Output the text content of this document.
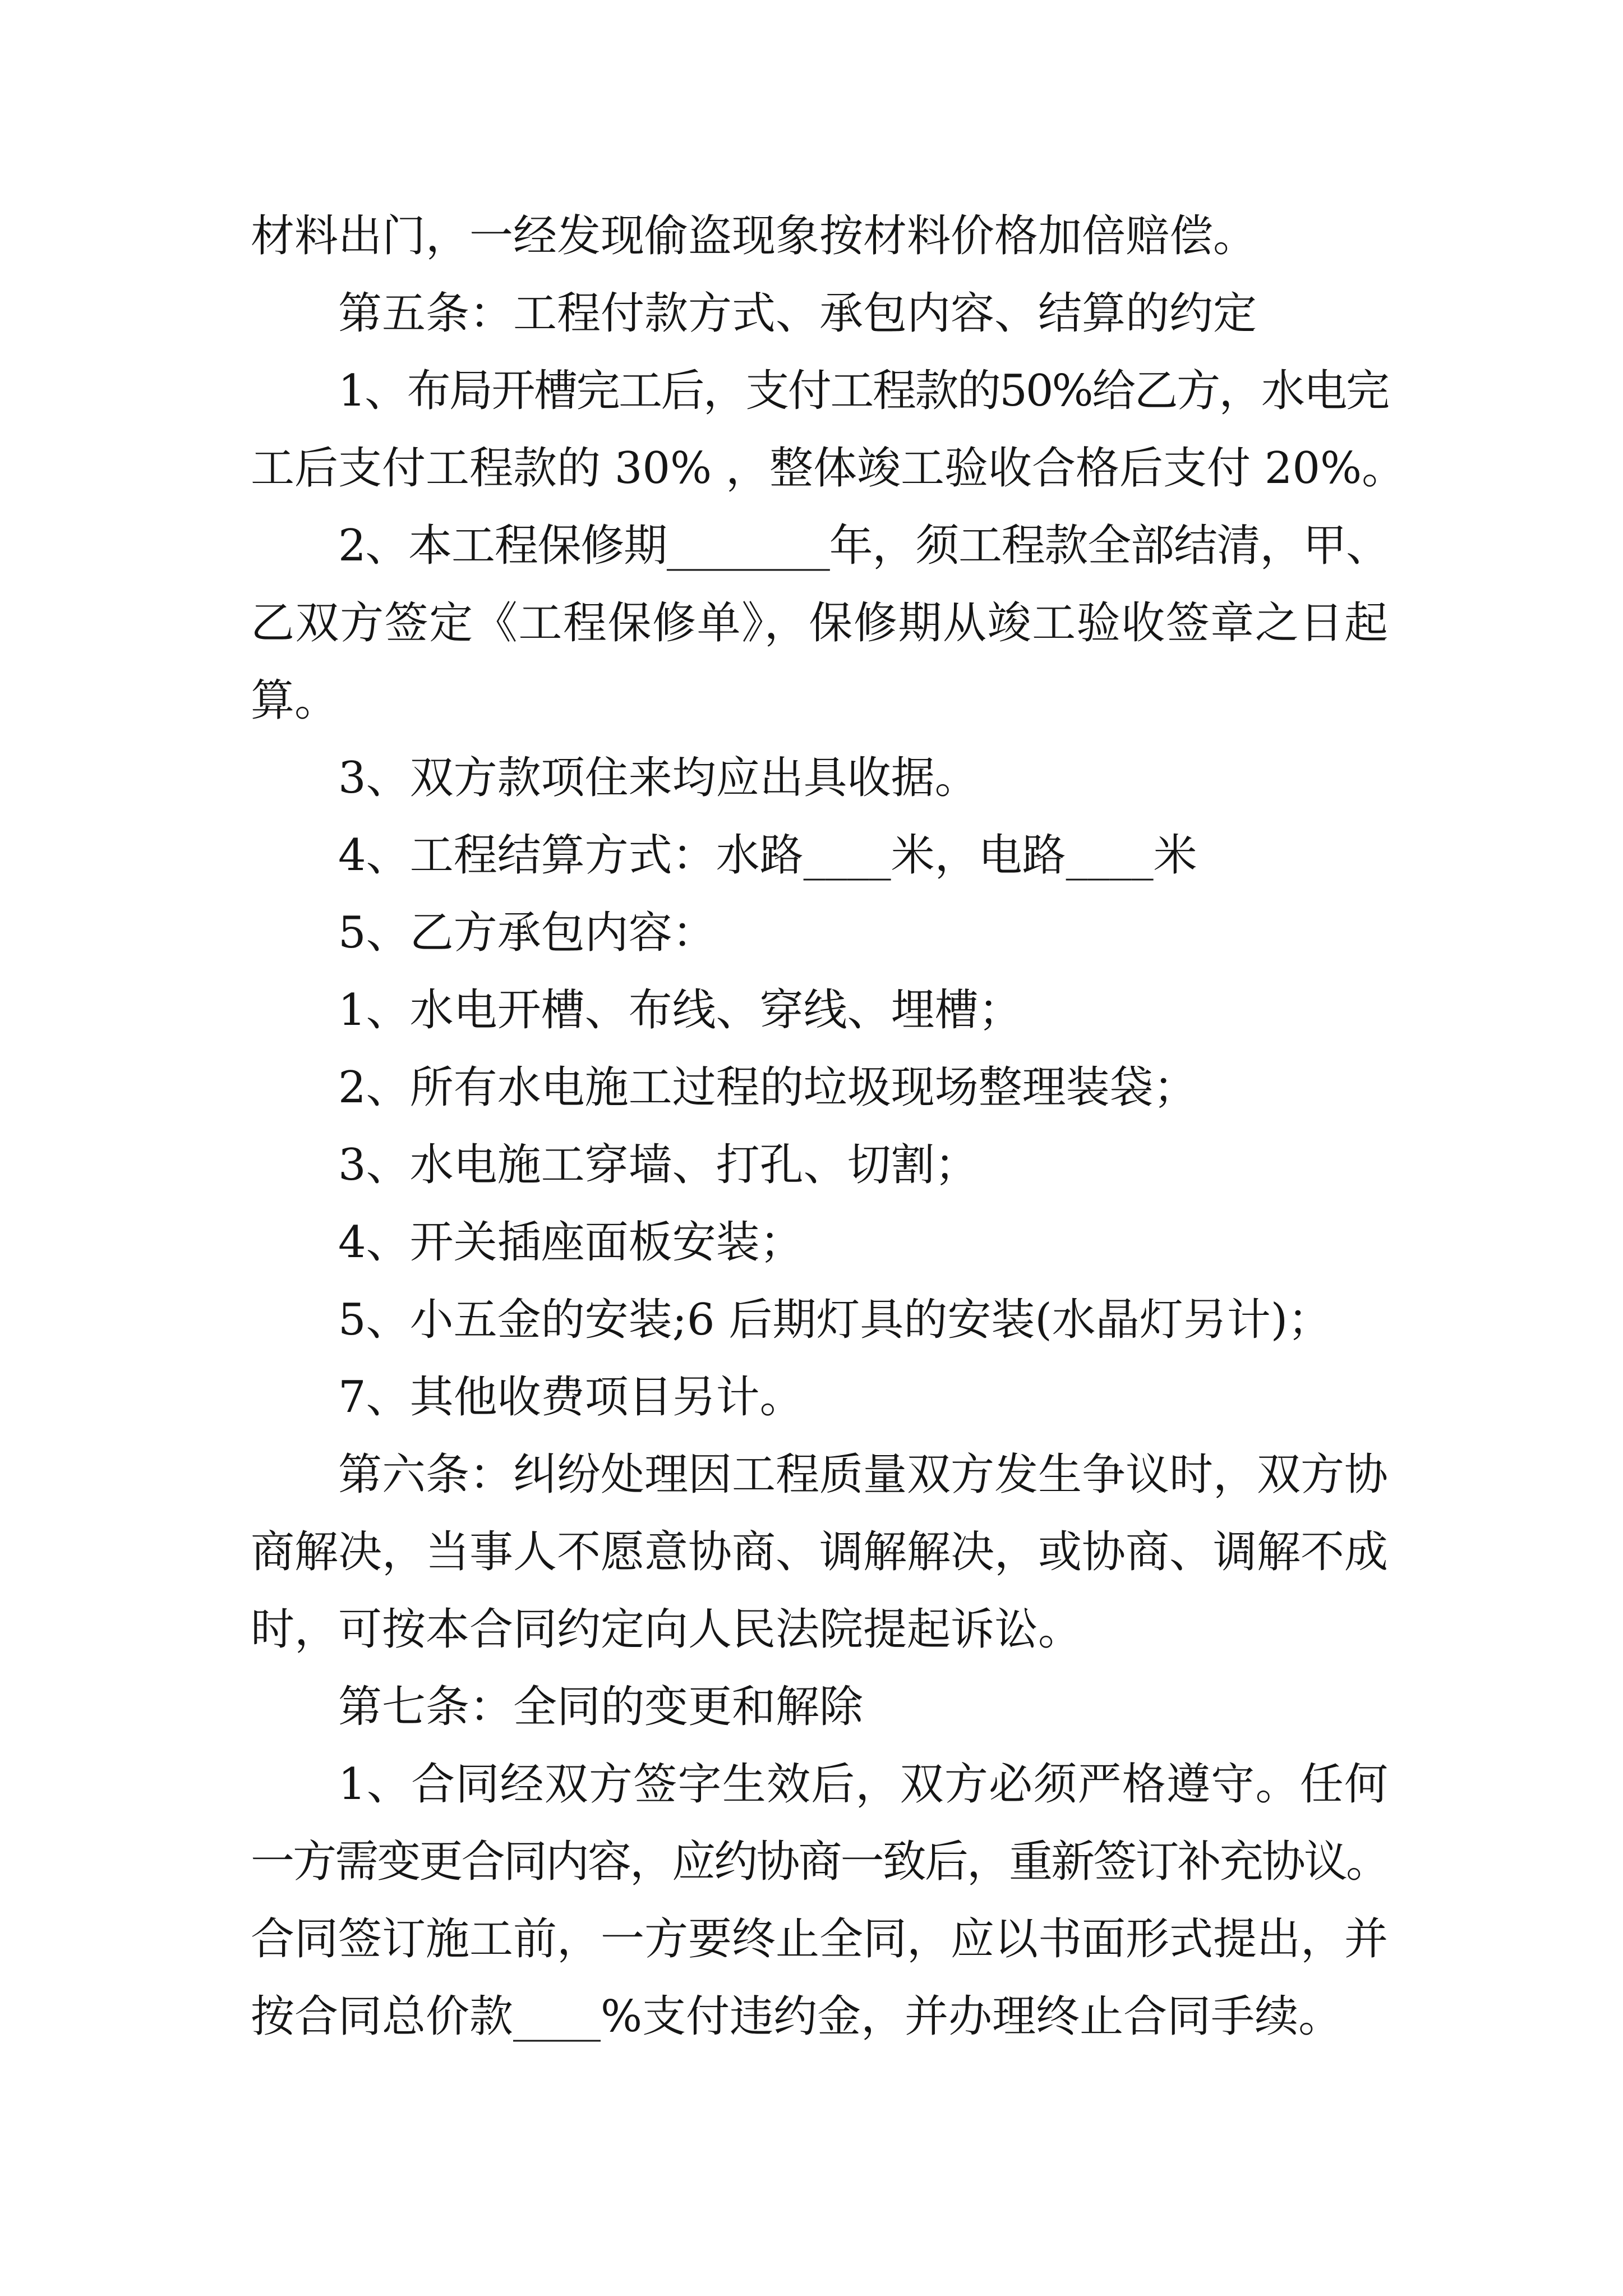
材料出门，一经发现偷盗现象按材料价格加倍赔偿。
第五条：工程付款方式、承包内容、结算的约定
1、布局开槽完工后，支付工程款的50%给乙方，水电完
工后支付工程款的 30% ，整体竣工验收合格后支付 20%。
2、本工程保修期________年，须工程款全部结清，甲、
乙双方签定《工程保修单》，保修期从竣工验收签章之日起
算。
3、双方款项住来均应出具收据。
4、工程结算方式：水路____米，电路____米
5、乙方承包内容：
1、水电开槽、布线、穿线、埋槽；
2、所有水电施工过程的垃圾现场整理装袋；
3、水电施工穿墙、打孔、切割；
4、开关插座面板安装；
5、小五金的安装;6 后期灯具的安装(水晶灯另计)；
7、其他收费项目另计。
第六条：纠纷处理因工程质量双方发生争议时，双方协
商解决，当事人不愿意协商、调解解决，或协商、调解不成
时，可按本合同约定向人民法院提起诉讼。
第七条：全同的变更和解除
1、合同经双方签字生效后，双方必须严格遵守。任何
一方需变更合同内容，应约协商一致后，重新签订补充协议。
合同签订施工前，一方要终止全同，应以书面形式提出，并
按合同总价款____%支付违约金，并办理终止合同手续。
